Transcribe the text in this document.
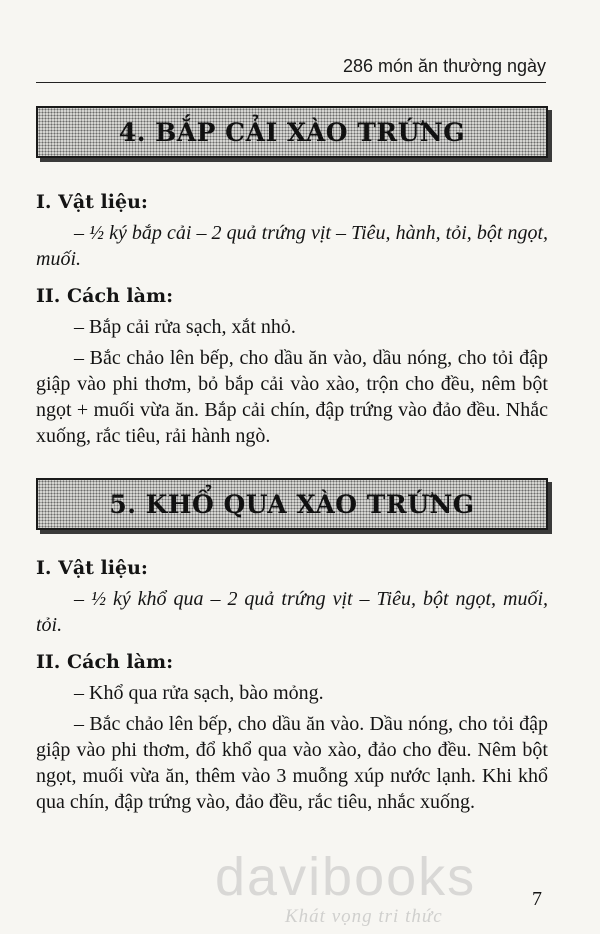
286 món ăn thường ngày
4. BẮP CẢI XÀO TRỨNG
I. Vật liệu:

– ½ ký bắp cải – 2 quả trứng vịt – Tiêu, hành, tỏi, bột ngọt, muối.

II. Cách làm:

– Bắp cải rửa sạch, xắt nhỏ.

– Bắc chảo lên bếp, cho dầu ăn vào, dầu nóng, cho tỏi đập giập vào phi thơm, bỏ bắp cải vào xào, trộn cho đều, nêm bột ngọt + muối vừa ăn. Bắp cải chín, đập trứng vào đảo đều. Nhắc xuống, rắc tiêu, rải hành ngò.

5. KHỔ QUA XÀO TRỨNG
I. Vật liệu:

– ½ ký khổ qua – 2 quả trứng vịt – Tiêu, bột ngọt, muối, tỏi.

II. Cách làm:

– Khổ qua rửa sạch, bào mỏng.

– Bắc chảo lên bếp, cho dầu ăn vào. Dầu nóng, cho tỏi đập giập vào phi thơm, đổ khổ qua vào xào, đảo cho đều. Nêm bột ngọt, muối vừa ăn, thêm vào 3 muỗng xúp nước lạnh. Khi khổ qua chín, đập trứng vào, đảo đều, rắc tiêu, nhắc xuống.

davibooks
Khát vọng tri thức
7
